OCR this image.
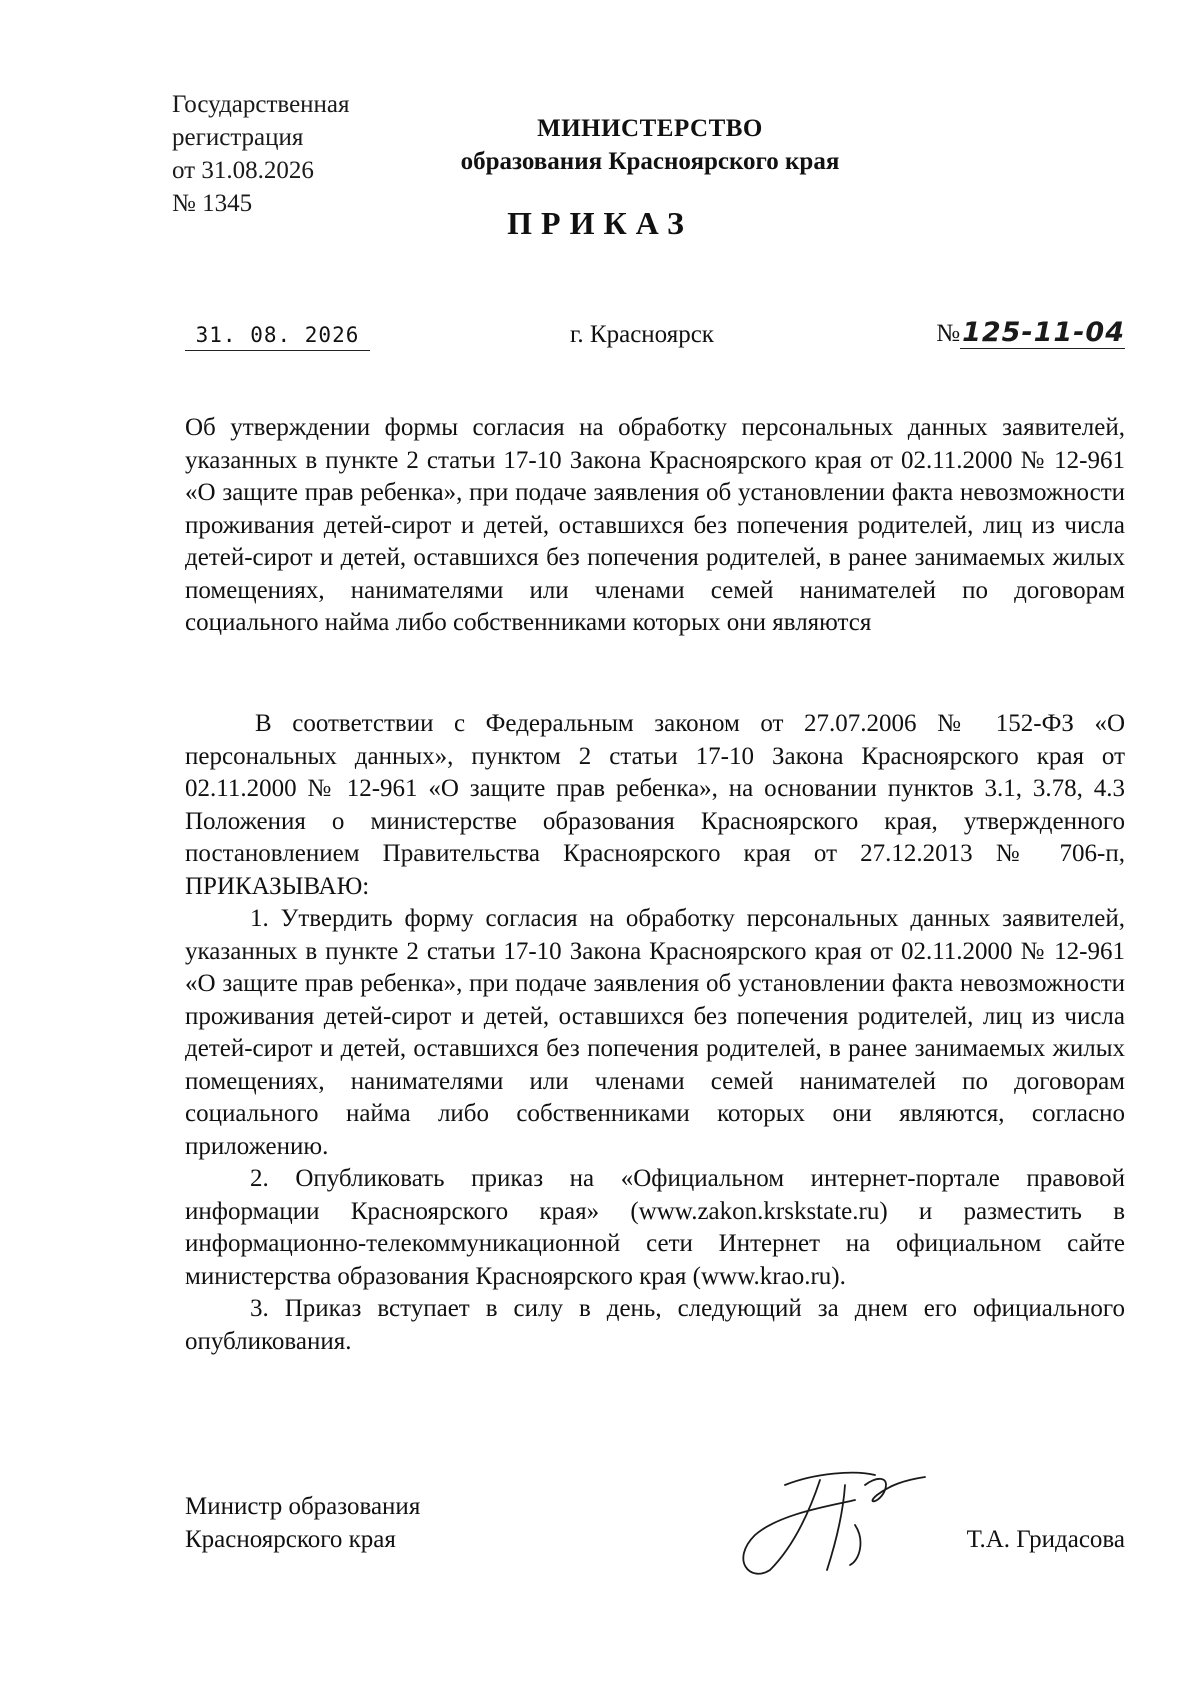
Государственная
регистрация
от 31.08.2026
№ 1345
МИНИСТЕРСТВО
образования Красноярского края
ПРИКАЗ
31. 08. 2026	г. Красноярск	№125-11-04

Об утверждении формы согласия на обработку персональных данных заявителей, указанных в пункте 2 статьи 17-10 Закона Красноярского края от 02.11.2000 № 12-961 «О защите прав ребенка», при подаче заявления об установлении факта невозможности проживания детей-сирот и детей, оставшихся без попечения родителей, лиц из числа детей-сирот и детей, оставшихся без попечения родителей, в ранее занимаемых жилых помещениях, нанимателями или членами семей нанимателей по договорам социального найма либо собственниками которых они являются

В соответствии с Федеральным законом от 27.07.2006 № 152-ФЗ «О персональных данных», пунктом 2 статьи 17-10 Закона Красноярского края от 02.11.2000 № 12-961 «О защите прав ребенка», на основании пунктов 3.1, 3.78, 4.3 Положения о министерстве образования Красноярского края, утвержденного постановлением Правительства Красноярского края от 27.12.2013 № 706-п, ПРИКАЗЫВАЮ:

1. Утвердить форму согласия на обработку персональных данных заявителей, указанных в пункте 2 статьи 17-10 Закона Красноярского края от 02.11.2000 № 12-961 «О защите прав ребенка», при подаче заявления об установлении факта невозможности проживания детей-сирот и детей, оставшихся без попечения родителей, лиц из числа детей-сирот и детей, оставшихся без попечения родителей, в ранее занимаемых жилых помещениях, нанимателями или членами семей нанимателей по договорам социального найма либо собственниками которых они являются, согласно приложению.

2. Опубликовать приказ на «Официальном интернет-портале правовой информации Красноярского края» (www.zakon.krskstate.ru) и разместить в информационно-телекоммуникационной сети Интернет на официальном сайте министерства образования Красноярского края (www.krao.ru).

3. Приказ вступает в силу в день, следующий за днем его официального опубликования.

Министр образования
Красноярского края	Т.А. Гридасова
